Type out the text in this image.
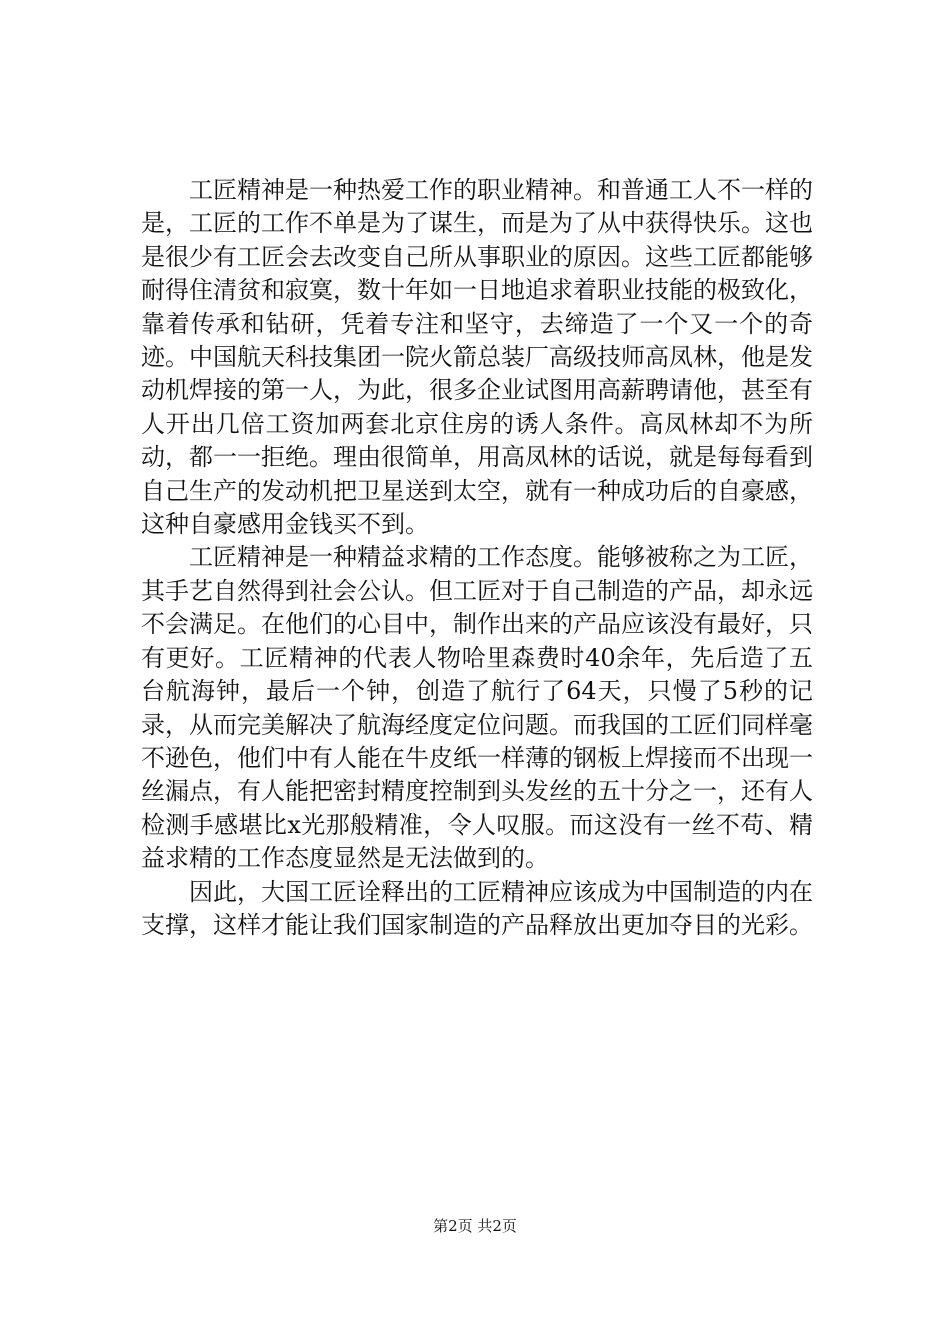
工匠精神是一种热爱工作的职业精神。和普通工人不一样的是，工匠的工作不单是为了谋生，而是为了从中获得快乐。这也是很少有工匠会去改变自己所从事职业的原因。这些工匠都能够耐得住清贫和寂寞，数十年如一日地追求着职业技能的极致化，靠着传承和钻研，凭着专注和坚守，去缔造了一个又一个的奇迹。中国航天科技集团一院火箭总装厂高级技师高凤林，他是发动机焊接的第一人，为此，很多企业试图用高薪聘请他，甚至有人开出几倍工资加两套北京住房的诱人条件。高凤林却不为所动，都一一拒绝。理由很简单，用高凤林的话说，就是每每看到自己生产的发动机把卫星送到太空，就有一种成功后的自豪感，这种自豪感用金钱买不到。

工匠精神是一种精益求精的工作态度。能够被称之为工匠，其手艺自然得到社会公认。但工匠对于自己制造的产品，却永远不会满足。在他们的心目中，制作出来的产品应该没有最好，只有更好。工匠精神的代表人物哈里森费时40余年，先后造了五台航海钟，最后一个钟，创造了航行了64天，只慢了5秒的记录，从而完美解决了航海经度定位问题。而我国的工匠们同样毫不逊色，他们中有人能在牛皮纸一样薄的钢板上焊接而不出现一丝漏点，有人能把密封精度控制到头发丝的五十分之一，还有人检测手感堪比x光那般精准，令人叹服。而这没有一丝不苟、精益求精的工作态度显然是无法做到的。

因此，大国工匠诠释出的工匠精神应该成为中国制造的内在支撑，这样才能让我们国家制造的产品释放出更加夺目的光彩。

第2页 共2页
